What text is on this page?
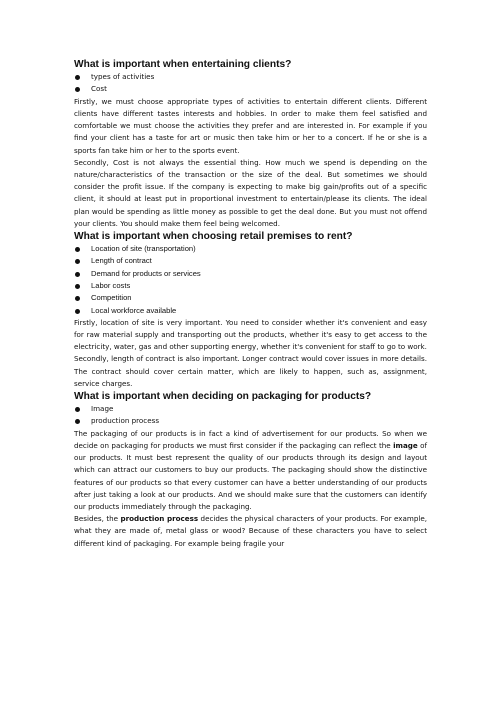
What is important when entertaining clients?

types of activities
Cost

Firstly, we must choose appropriate types of activities to entertain different clients. Different clients have different tastes interests and hobbies. In order to make them feel satisfied and comfortable we must choose the activities they prefer and are interested in. For example if you find your client has a taste for art or music then take him or her to a concert. If he or she is a sports fan take him or her to the sports event.

Secondly, Cost is not always the essential thing. How much we spend is depending on the nature/characteristics of the transaction or the size of the deal. But sometimes we should consider the profit issue. If the company is expecting to make big gain/profits out of a specific client, it should at least put in proportional investment to entertain/please its clients. The ideal plan would be spending as little money as possible to get the deal done. But you must not offend your clients. You should make them feel being welcomed.

What is important when choosing retail premises to rent?

Location of site (transportation)
Length of contract
Demand for products or services
Labor costs
Competition
Local workforce available

Firstly, location of site is very important. You need to consider whether it's convenient and easy for raw material supply and transporting out the products, whether it's easy to get access to the electricity, water, gas and other supporting energy, whether it's convenient for staff to go to work.

Secondly, length of contract is also important. Longer contract would cover issues in more details. The contract should cover certain matter, which are likely to happen, such as, assignment, service charges.

What is important when deciding on packaging for products?

Image
production process

The packaging of our products is in fact a kind of advertisement for our products. So when we decide on packaging for products we must first consider if the packaging can reflect the image of our products. It must best represent the quality of our products through its design and layout which can attract our customers to buy our products. The packaging should show the distinctive features of our products so that every customer can have a better understanding of our products after just taking a look at our products. And we should make sure that the customers can identify our products immediately through the packaging.

Besides, the production process decides the physical characters of your products. For example, what they are made of, metal glass or wood? Because of these characters you have to select different kind of packaging. For example being fragile your
